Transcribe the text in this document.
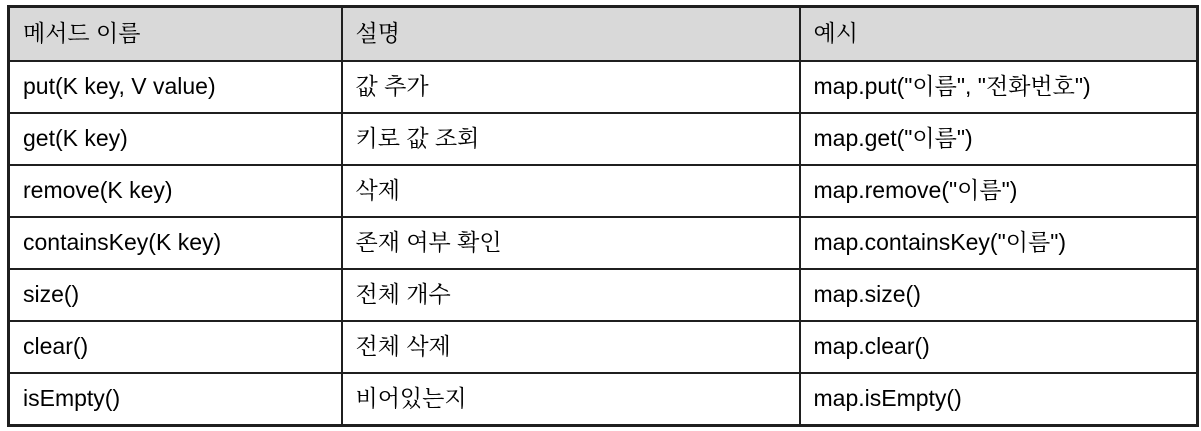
메서드 이름	설명	예시
put(K key, V value)	값 추가	map.put("이름", "전화번호")
get(K key)	키로 값 조회	map.get("이름")
remove(K key)	삭제	map.remove("이름")
containsKey(K key)	존재 여부 확인	map.containsKey("이름")
size()	전체 개수	map.size()
clear()	전체 삭제	map.clear()
isEmpty()	비어있는지	map.isEmpty()
